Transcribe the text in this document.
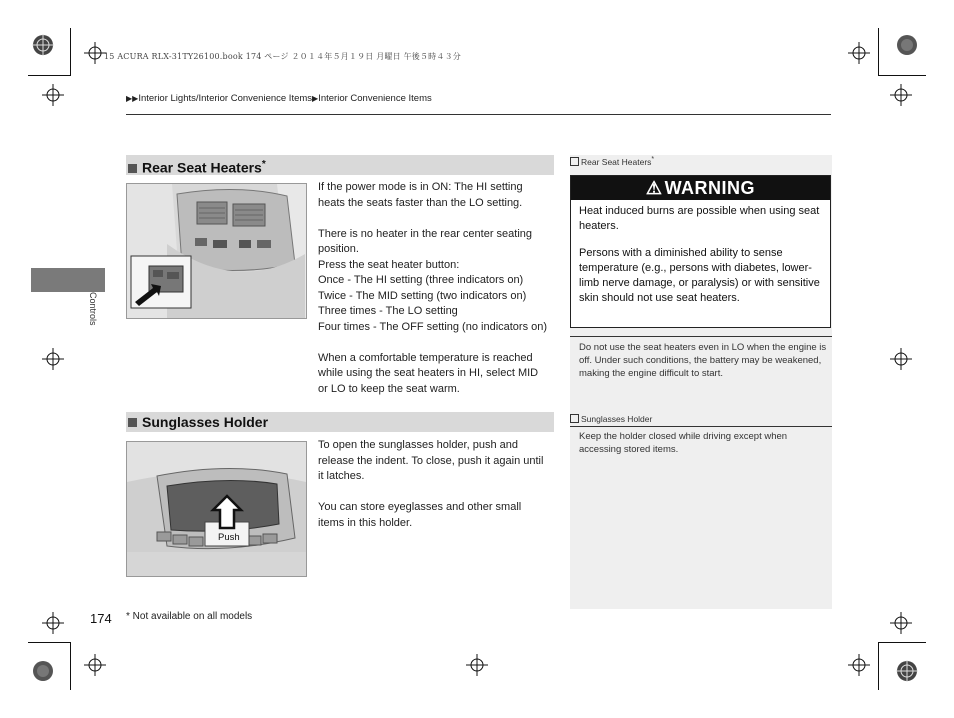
15 ACURA RLX-31TY26100.book 174 ページ ２０１４年５月１９日 月曜日 午後５時４３分
▶▶Interior Lights/Interior Convenience Items▶Interior Convenience Items
Controls
Rear Seat Heaters*

If the power mode is in ON: The HI setting

heats the seats faster than the LO setting.

There is no heater in the rear center seating

position.

Press the seat heater button:

Once - The HI setting (three indicators on)

Twice - The MID setting (two indicators on)

Three times - The LO setting

Four times - The OFF setting (no indicators on)

When a comfortable temperature is reached

while using the seat heaters in HI, select MID

or LO to keep the seat warm.

Sunglasses Holder
Push

To open the sunglasses holder, push and

release the indent. To close, push it again until

it latches.

You can store eyeglasses and other small

items in this holder.

Rear Seat Heaters*
⚠ WARNING

Heat induced burns are possible when using seat heaters.

Persons with a diminished ability to sense temperature (e.g., persons with diabetes, lower-limb nerve damage, or paralysis) or with sensitive skin should not use seat heaters.

Do not use the seat heaters even in LO when the engine is off. Under such conditions, the battery may be weakened, making the engine difficult to start.
Sunglasses Holder
Keep the holder closed while driving except when accessing stored items.
174 * Not available on all models
